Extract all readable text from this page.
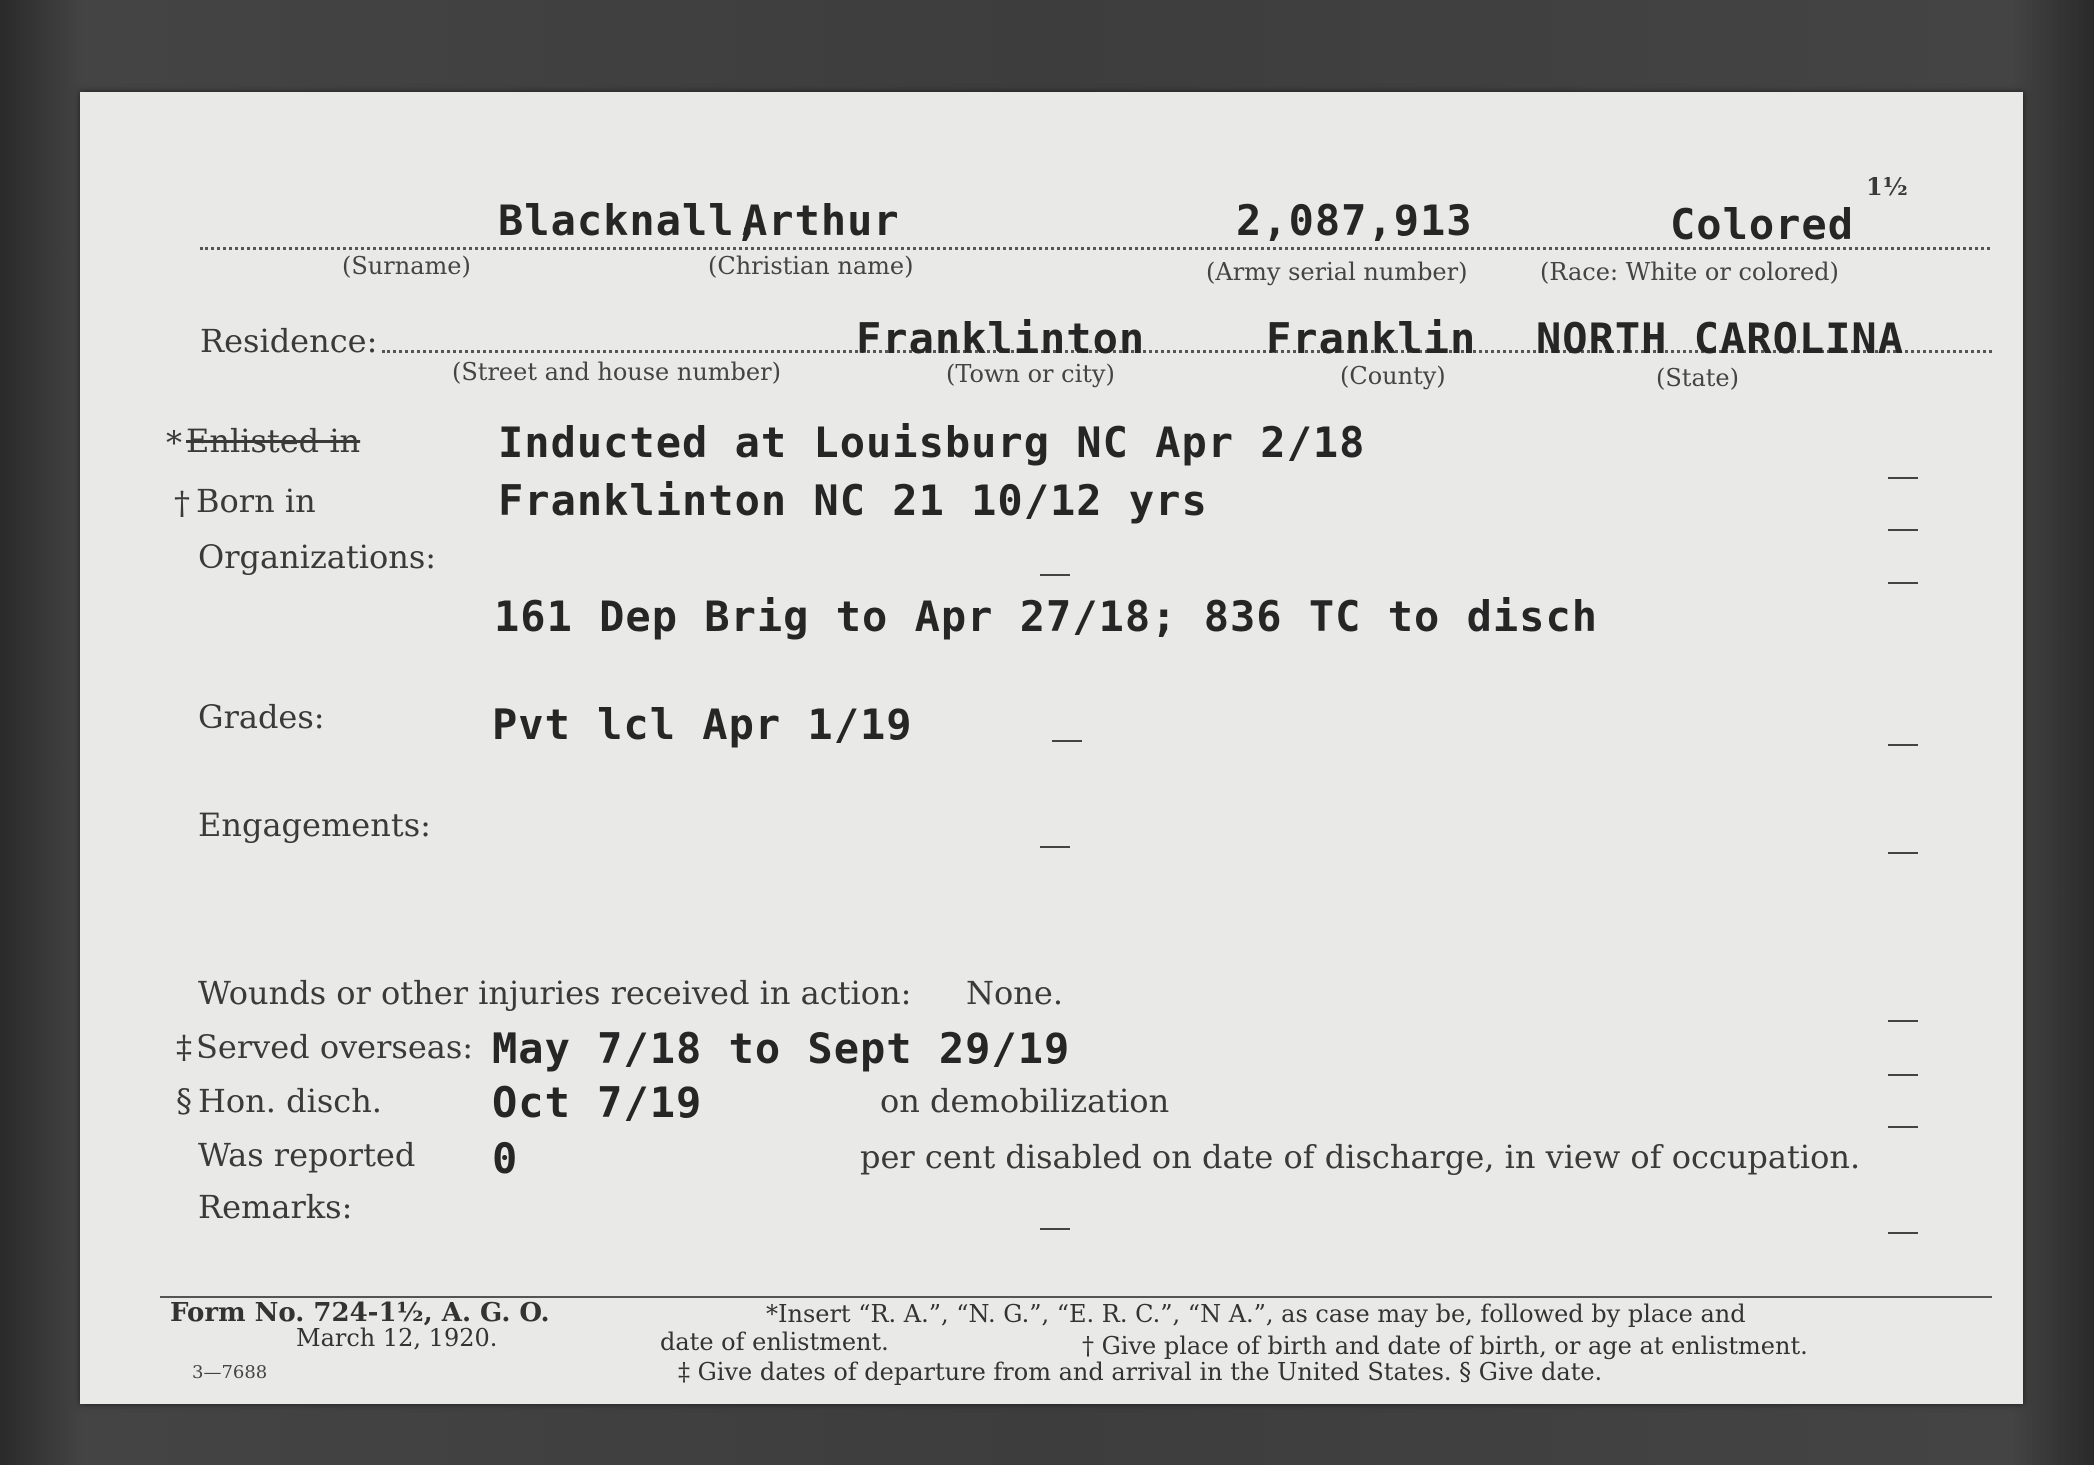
Blacknall,
Arthur	2,087,913	Colored
1½
(Surname)	(Christian name)	(Army serial number)	(Race: White or colored)
Residence:	Franklinton	Franklin NORTH CAROLINA
(Street and house number)	(Town or city)	(County)	(State)
* Enlisted in	Inducted at Louisburg NC Apr 2/18
† Born in	Franklinton NC 21 10/12 yrs
Organizations:
161 Dep Brig to Apr 27/18; 836 TC to disch
Grades:	Pvt lcl Apr 1/19
Engagements:
Wounds or other injuries received in action: None.
‡ Served overseas: May 7/18 to Sept 29/19
§ Hon. disch.	Oct 7/19	on demobilization
Was reported 0	per cent disabled on date of discharge, in view of occupation.
Remarks:
Form No. 724-1½, A. G. O.
March 12, 1920.
3—7688
*Insert “R. A.”, “N. G.”, “E. R. C.”, “N A.”, as case may be, followed by place and
date of enlistment.	† Give place of birth and date of birth, or age at enlistment.
‡ Give dates of departure from and arrival in the United States. § Give date.
